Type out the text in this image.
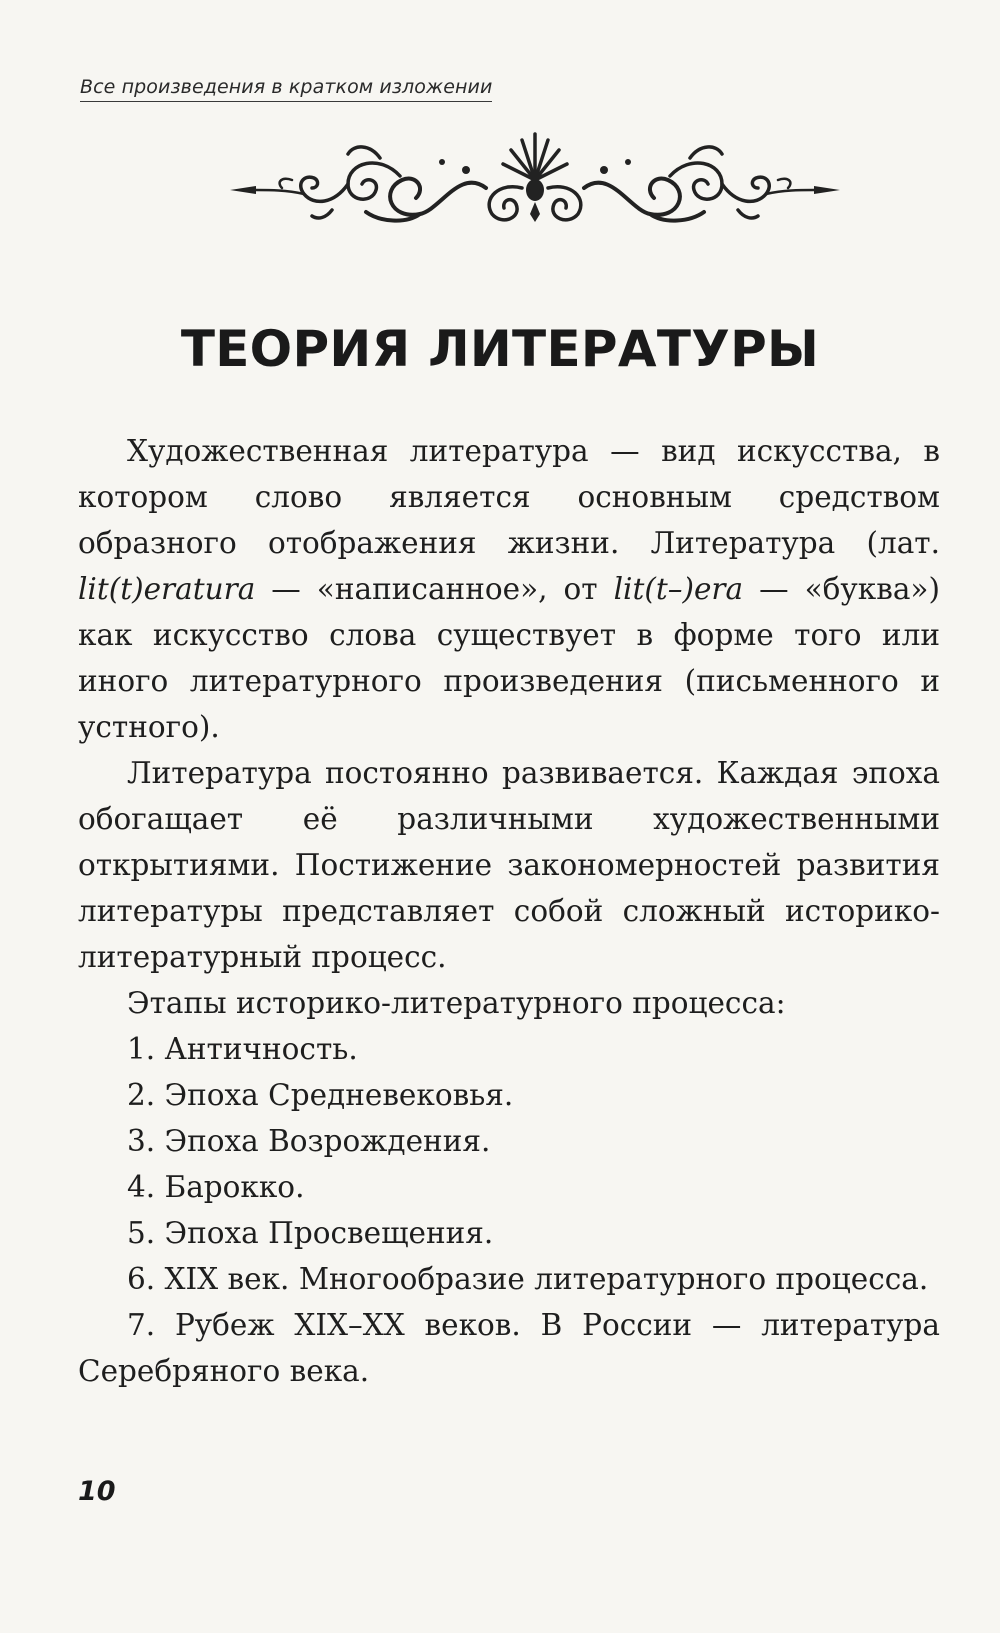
Все произведения в кратком изложении
ТЕОРИЯ ЛИТЕРАТУРЫ

Художественная литература — вид искусства, в котором слово является основным средством образного отображения жизни. Литература (лат. lit(t)eratura — «написанное», от lit(t–)era — «буква») как искусство слова существует в форме того или иного литературного произведения (письменного и устного).

Литература постоянно развивается. Каждая эпоха обогащает её различными художественными открытиями. Постижение закономерностей развития литературы представляет собой сложный историко-литературный процесс.

Этапы историко-литературного процесса:

1. Античность.

2. Эпоха Средневековья.

3. Эпоха Возрождения.

4. Барокко.

5. Эпоха Просвещения.

6. XIX век. Многообразие литературного процесса.

7. Рубеж XIX–XX веков. В России — литература Серебряного века.

10
